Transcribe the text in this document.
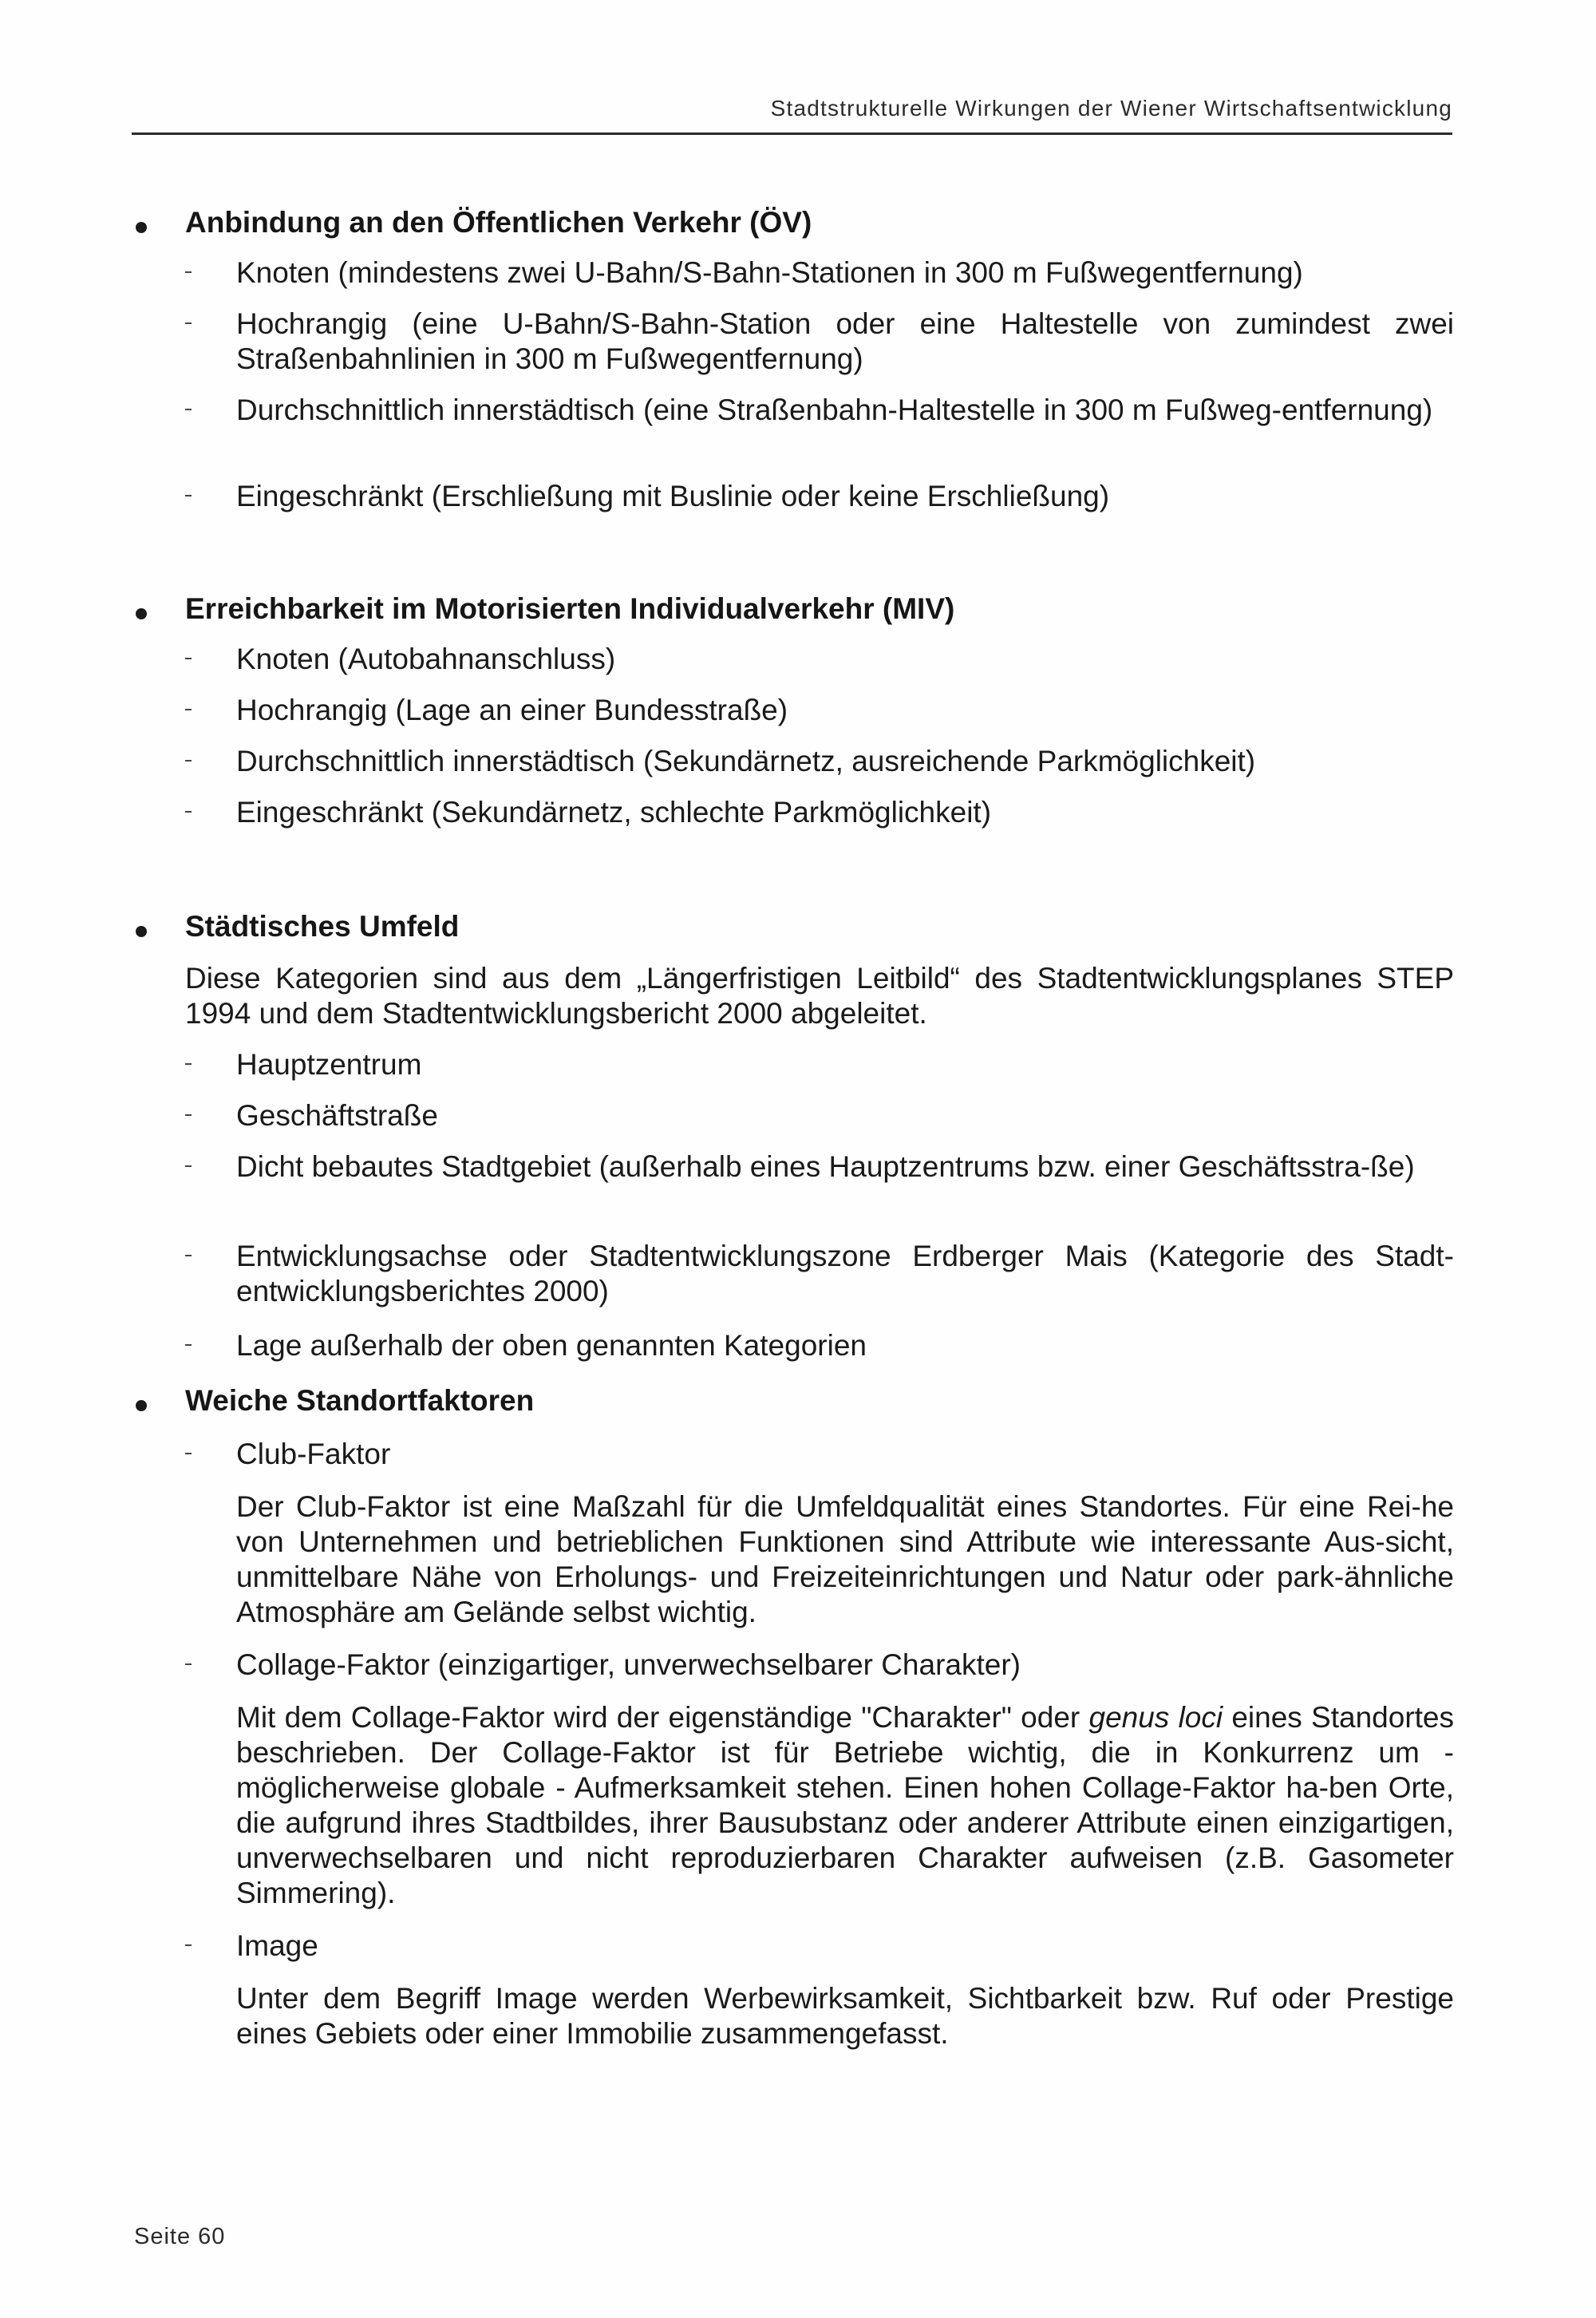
Stadtstrukturelle Wirkungen der Wiener Wirtschaftsentwicklung
Anbindung an den Öffentlichen Verkehr (ÖV)
Knoten (mindestens zwei U-Bahn/S-Bahn-Stationen in 300 m Fußwegentfernung)
Hochrangig (eine U-Bahn/S-Bahn-Station oder eine Haltestelle von zumindest zwei Straßenbahnlinien in 300 m Fußwegentfernung)
Durchschnittlich innerstädtisch (eine Straßenbahn-Haltestelle in 300 m Fußweg-entfernung)
Eingeschränkt (Erschließung mit Buslinie oder keine Erschließung)
Erreichbarkeit im Motorisierten Individualverkehr (MIV)
Knoten (Autobahnanschluss)
Hochrangig (Lage an einer Bundesstraße)
Durchschnittlich innerstädtisch (Sekundärnetz, ausreichende Parkmöglichkeit)
Eingeschränkt (Sekundärnetz, schlechte Parkmöglichkeit)
Städtisches Umfeld
Diese Kategorien sind aus dem „Längerfristigen Leitbild“ des Stadtentwicklungsplanes STEP 1994 und dem Stadtentwicklungsbericht 2000 abgeleitet.
Hauptzentrum
Geschäftstraße
Dicht bebautes Stadtgebiet (außerhalb eines Hauptzentrums bzw. einer Geschäftsstra-ße)
Entwicklungsachse oder Stadtentwicklungszone Erdberger Mais (Kategorie des Stadt-entwicklungsberichtes 2000)
Lage außerhalb der oben genannten Kategorien
Weiche Standortfaktoren
Club-Faktor
Der Club-Faktor ist eine Maßzahl für die Umfeldqualität eines Standortes. Für eine Rei-he von Unternehmen und betrieblichen Funktionen sind Attribute wie interessante Aus-sicht, unmittelbare Nähe von Erholungs- und Freizeiteinrichtungen und Natur oder park-ähnliche Atmosphäre am Gelände selbst wichtig.
Collage-Faktor (einzigartiger, unverwechselbarer Charakter)
Mit dem Collage-Faktor wird der eigenständige "Charakter" oder genus loci eines Standortes beschrieben. Der Collage-Faktor ist für Betriebe wichtig, die in Konkurrenz um - möglicherweise globale - Aufmerksamkeit stehen. Einen hohen Collage-Faktor ha-ben Orte, die aufgrund ihres Stadtbildes, ihrer Bausubstanz oder anderer Attribute einen einzigartigen, unverwechselbaren und nicht reproduzierbaren Charakter aufweisen (z.B. Gasometer Simmering).
Image
Unter dem Begriff Image werden Werbewirksamkeit, Sichtbarkeit bzw. Ruf oder Prestige eines Gebiets oder einer Immobilie zusammengefasst.
Seite 60
